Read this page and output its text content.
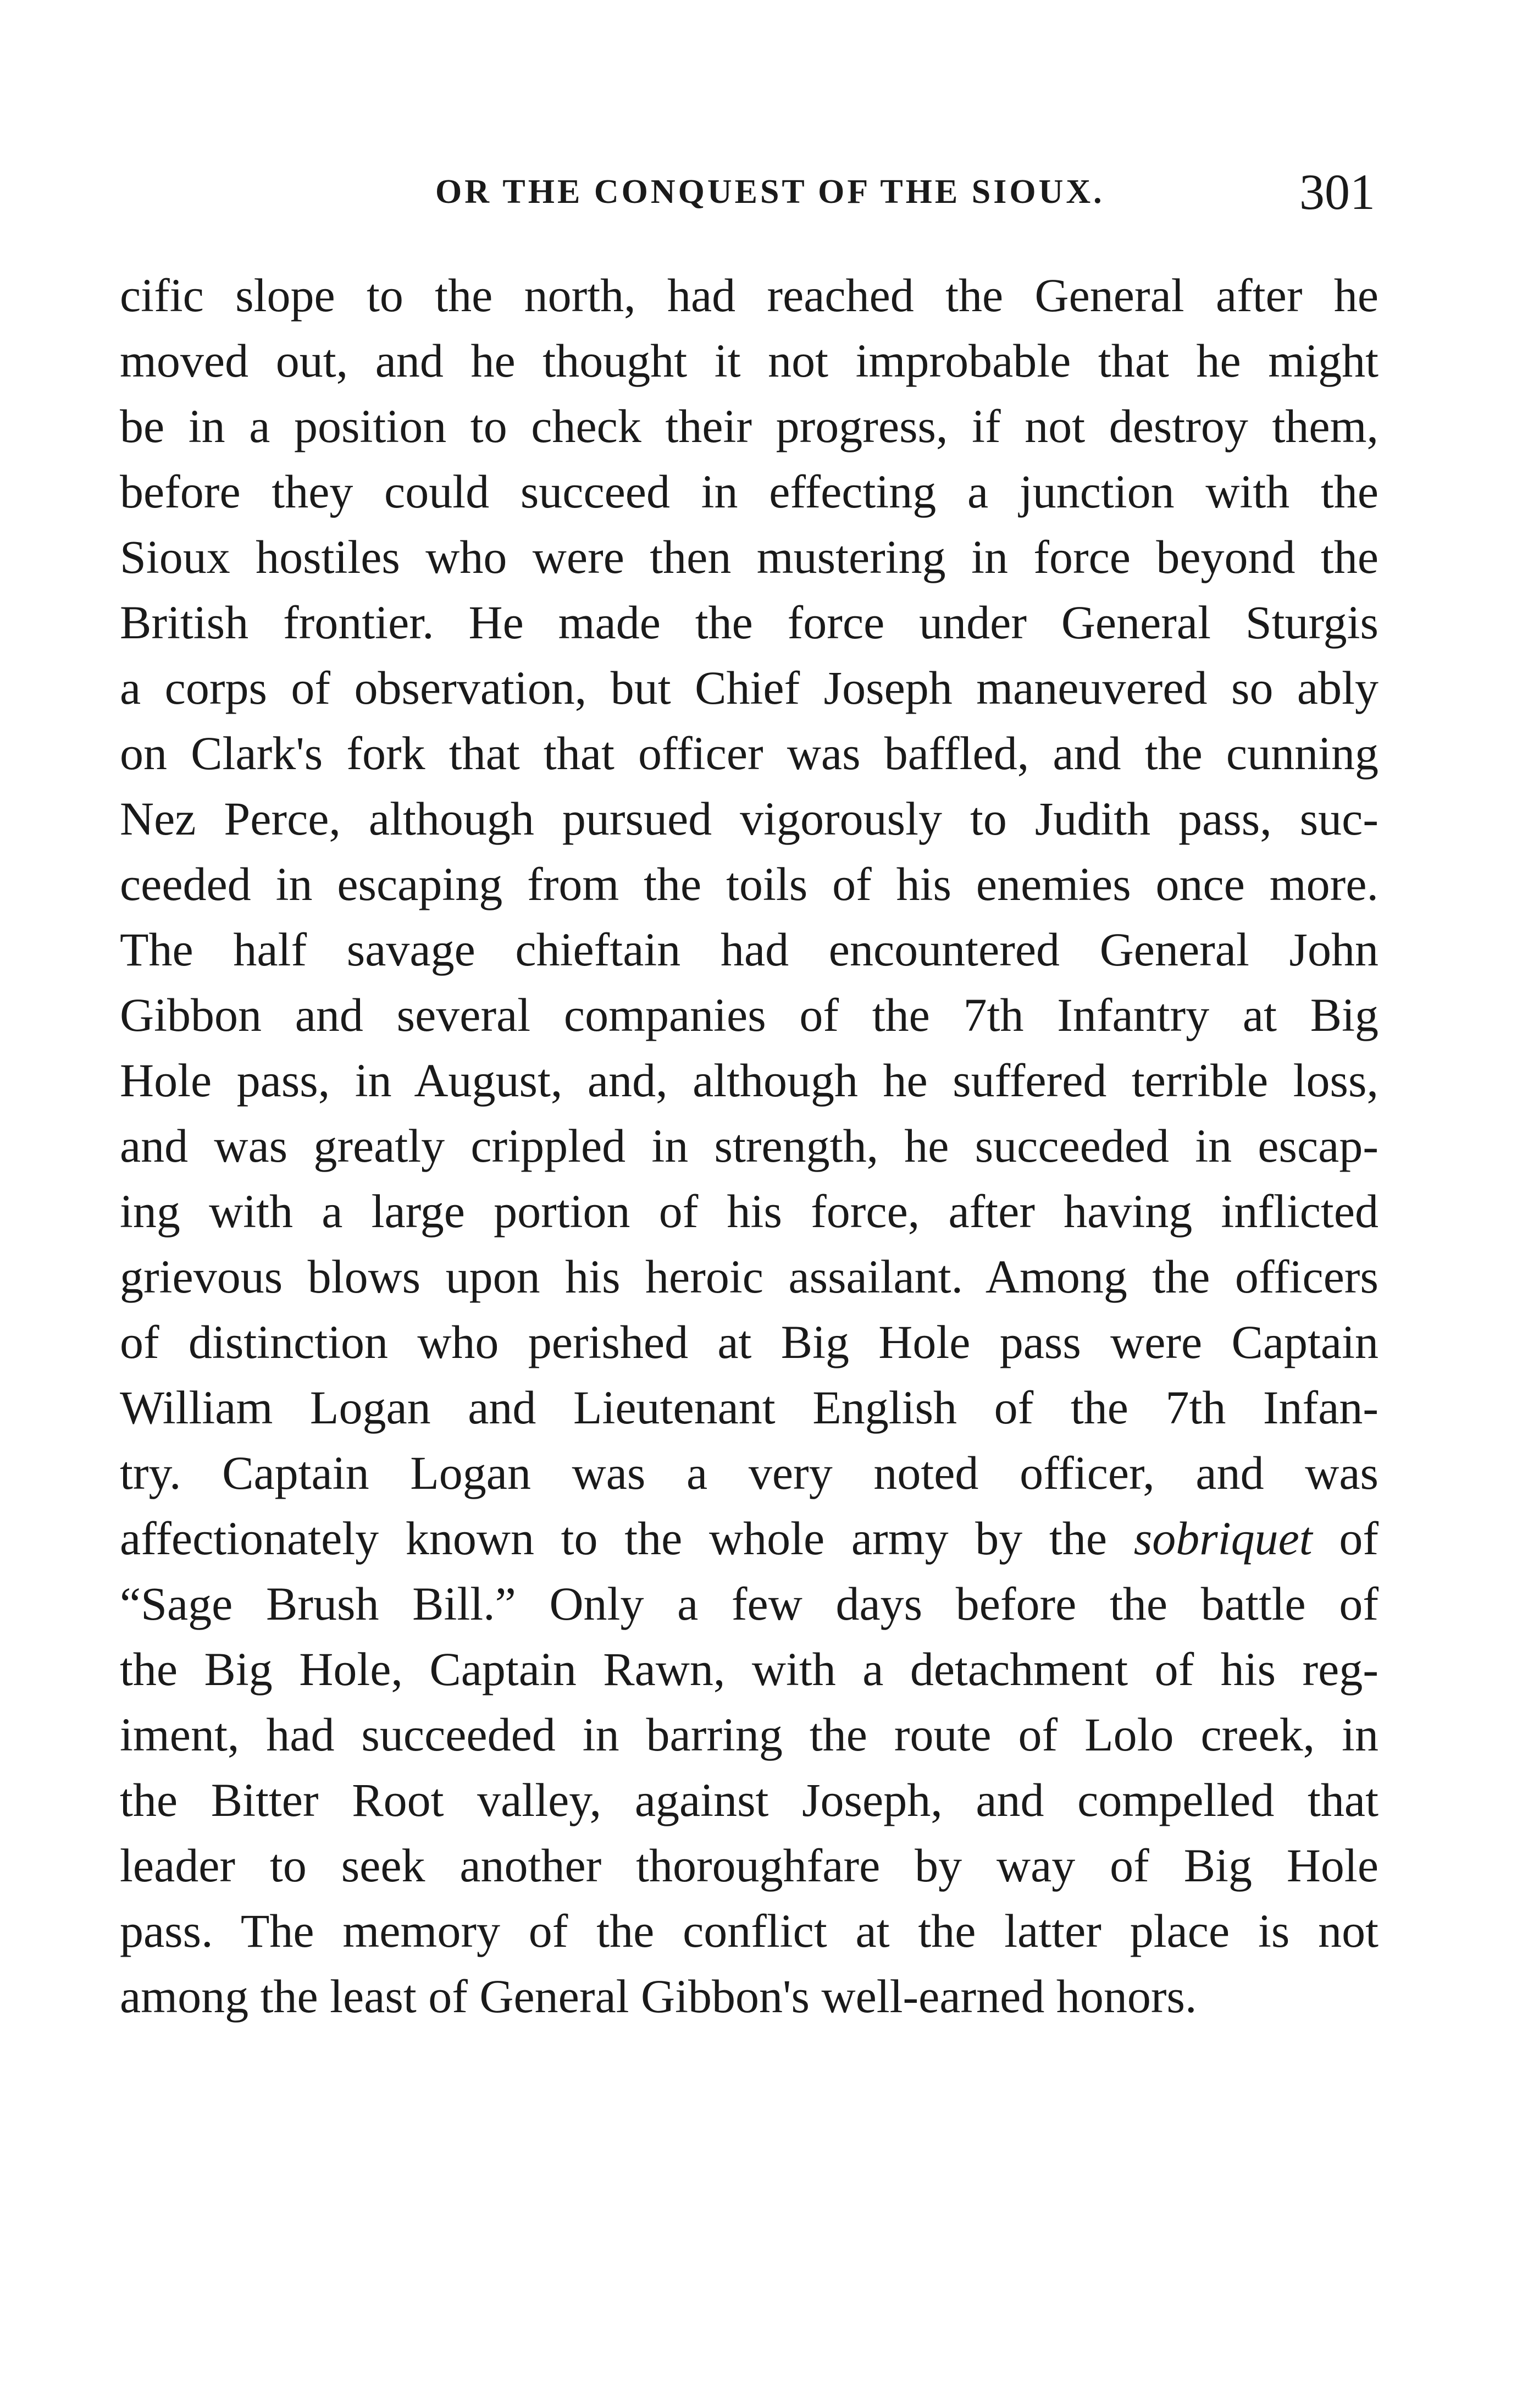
OR THE CONQUEST OF THE SIOUX.	301
cific slope to the north, had reached the General after he
moved out, and he thought it not improbable that he might
be in a position to check their progress, if not destroy them,
before they could succeed in effecting a junction with the
Sioux hostiles who were then mustering in force beyond the
British frontier. He made the force under General Sturgis
a corps of observation, but Chief Joseph maneuvered so ably
on Clark's fork that that officer was baffled, and the cunning
Nez Perce, although pursued vigorously to Judith pass, suc-
ceeded in escaping from the toils of his enemies once more.
The half savage chieftain had encountered General John
Gibbon and several companies of the 7th Infantry at Big
Hole pass, in August, and, although he suffered terrible loss,
and was greatly crippled in strength, he succeeded in escap-
ing with a large portion of his force, after having inflicted
grievous blows upon his heroic assailant. Among the officers
of distinction who perished at Big Hole pass were Captain
William Logan and Lieutenant English of the 7th Infan-
try. Captain Logan was a very noted officer, and was
affectionately known to the whole army by the sobriquet of
“Sage Brush Bill.” Only a few days before the battle of
the Big Hole, Captain Rawn, with a detachment of his reg-
iment, had succeeded in barring the route of Lolo creek, in
the Bitter Root valley, against Joseph, and compelled that
leader to seek another thoroughfare by way of Big Hole
pass. The memory of the conflict at the latter place is not
among the least of General Gibbon's well-earned honors.
